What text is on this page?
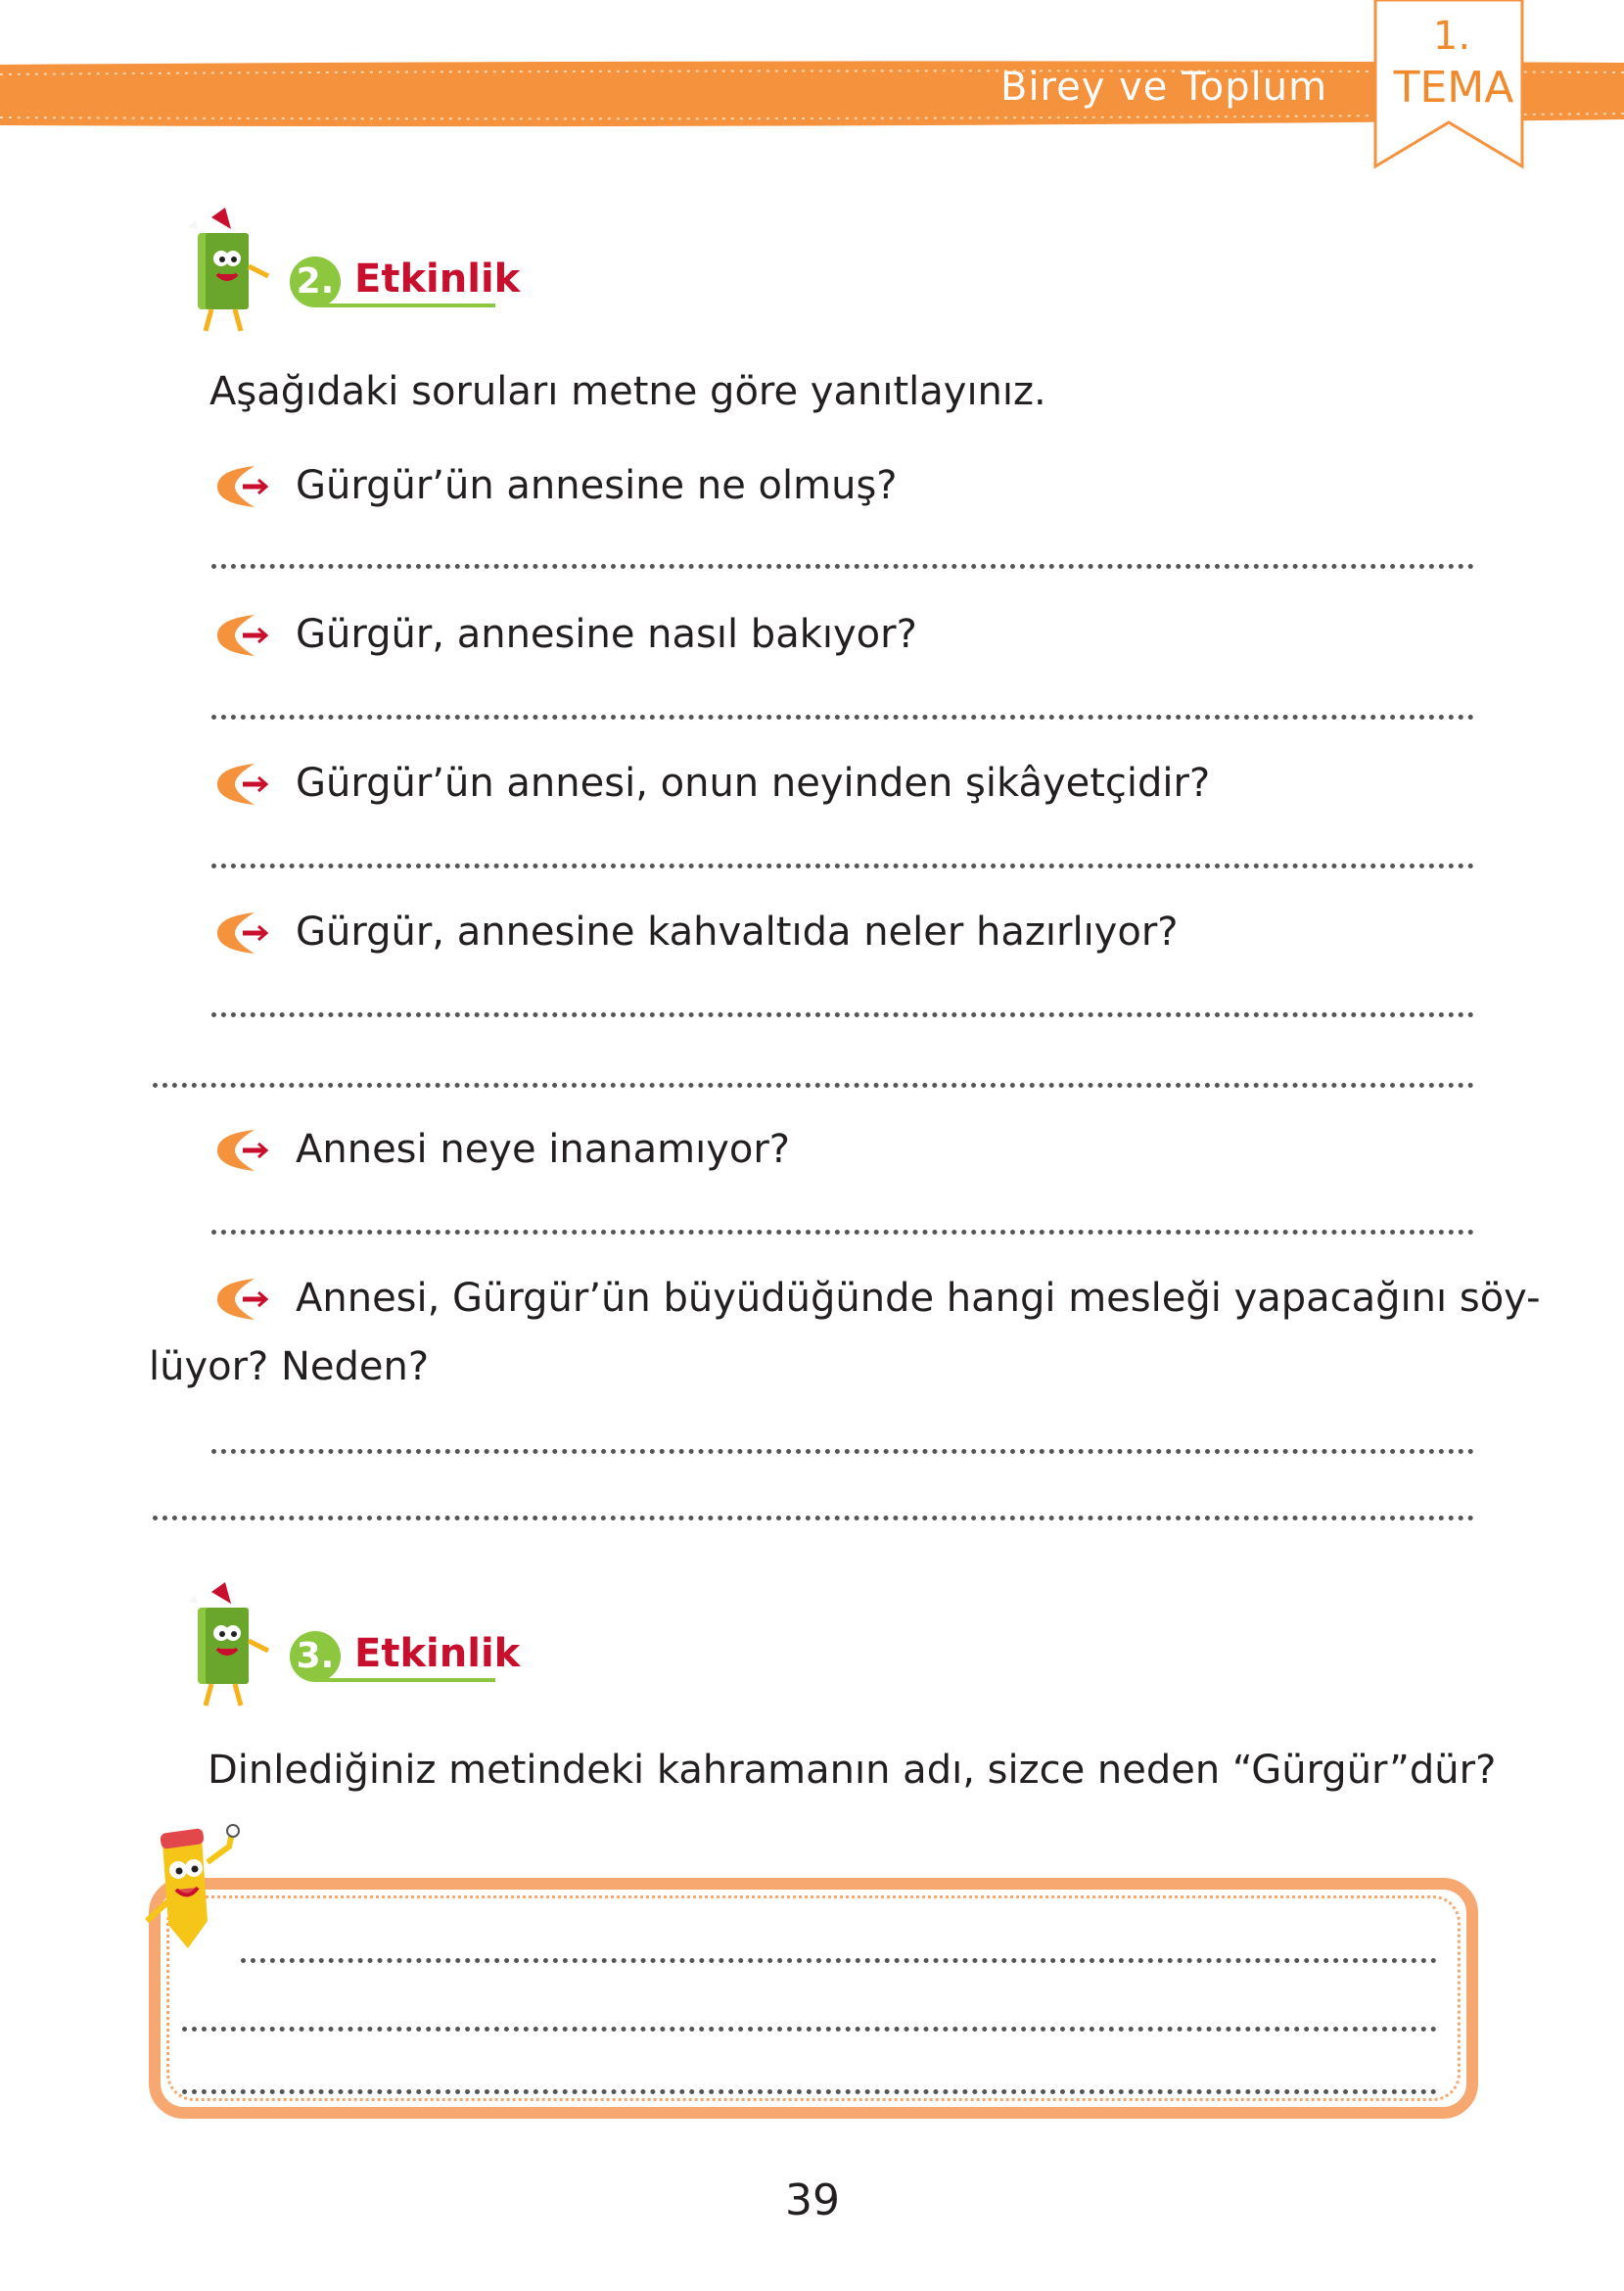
Birey ve Toplum
1.
TEMA
2. Etkinlik
Aşağıdaki soruları metne göre yanıtlayınız.
Gürgür’ün annesine ne olmuş?
Gürgür, annesine nasıl bakıyor?
Gürgür’ün annesi, onun neyinden şikâyetçidir?
Gürgür, annesine kahvaltıda neler hazırlıyor?
Annesi neye inanamıyor?
Annesi, Gürgür’ün büyüdüğünde hangi mesleği yapacağını söy-
lüyor? Neden?
3. Etkinlik
Dinlediğiniz metindeki kahramanın adı, sizce neden “Gürgür”dür?
39
